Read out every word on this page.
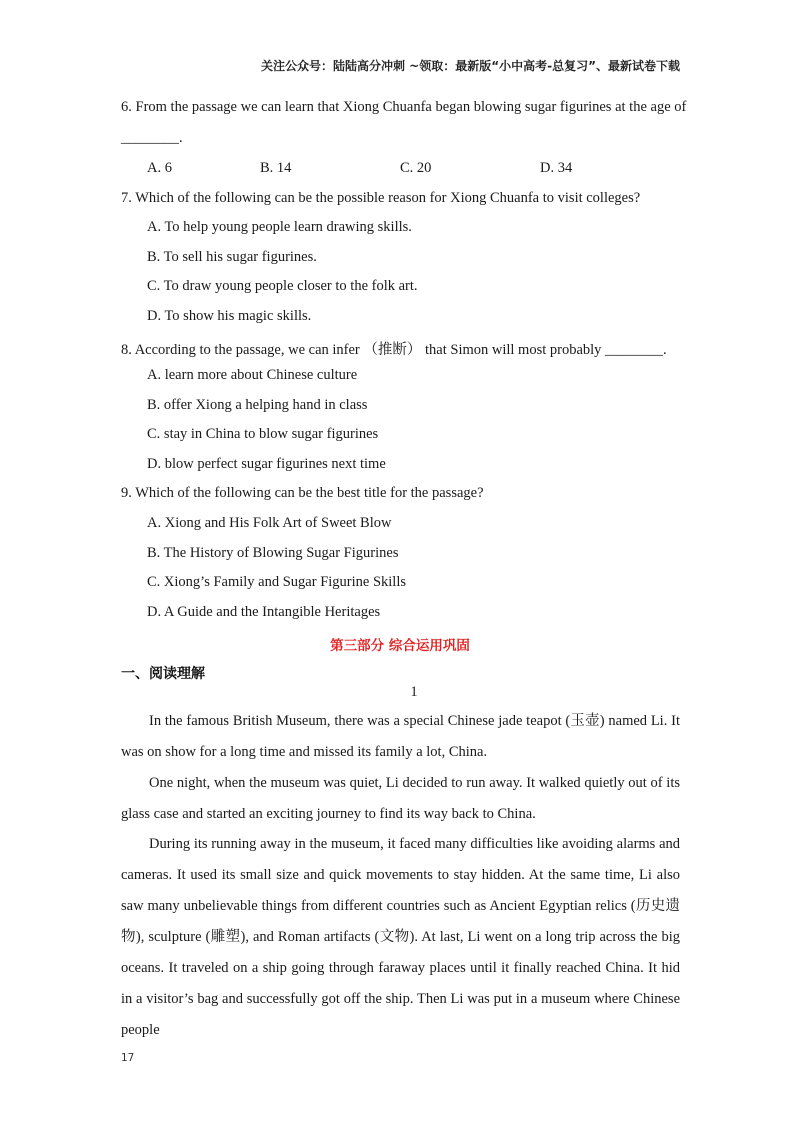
关注公众号：陆陆高分冲刺 ~领取：最新版“小中高考-总复习”、最新试卷下载
6. From the passage we can learn that Xiong Chuanfa began blowing sugar figurines at the age of
________.
A. 6	B. 14	C. 20	D. 34
7. Which of the following can be the possible reason for Xiong Chuanfa to visit colleges?
A. To help young people learn drawing skills.
B. To sell his sugar figurines.
C. To draw young people closer to the folk art.
D. To show his magic skills.
8. According to the passage, we can infer （推断） that Simon will most probably ________.
A. learn more about Chinese culture
B. offer Xiong a helping hand in class
C. stay in China to blow sugar figurines
D. blow perfect sugar figurines next time
9. Which of the following can be the best title for the passage?
A. Xiong and His Folk Art of Sweet Blow
B. The History of Blowing Sugar Figurines
C. Xiong’s Family and Sugar Figurine Skills
D. A Guide and the Intangible Heritages
第三部分 综合运用巩固
一、阅读理解
1
In the famous British Museum, there was a special Chinese jade teapot (玉壶) named Li. It was on show for a long time and missed its family a lot, China.
One night, when the museum was quiet, Li decided to run away. It walked quietly out of its glass case and started an exciting journey to find its way back to China.
During its running away in the museum, it faced many difficulties like avoiding alarms and cameras. It used its small size and quick movements to stay hidden. At the same time, Li also saw many unbelievable things from different countries such as Ancient Egyptian relics (历史遗物), sculpture (雕塑), and Roman artifacts (文物). At last, Li went on a long trip across the big oceans. It traveled on a ship going through faraway places until it finally reached China. It hid in a visitor’s bag and successfully got off the ship. Then Li was put in a museum where Chinese people
17
